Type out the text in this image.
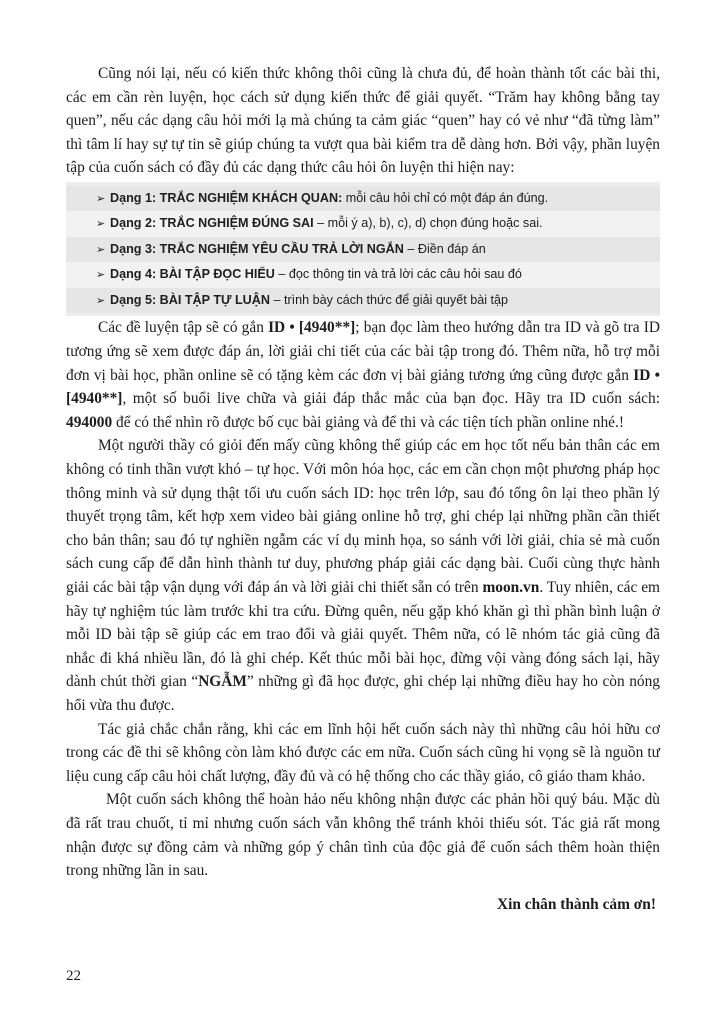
Cũng nói lại, nếu có kiến thức không thôi cũng là chưa đủ, để hoàn thành tốt các bài thi, các em cần rèn luyện, học cách sử dụng kiến thức để giải quyết. “Trăm hay không bằng tay quen”, nếu các dạng câu hỏi mới lạ mà chúng ta cảm giác “quen” hay có vẻ như “đã từng làm” thì tâm lí hay sự tự tin sẽ giúp chúng ta vượt qua bài kiểm tra dễ dàng hơn. Bởi vậy, phần luyện tập của cuốn sách có đầy đủ các dạng thức câu hỏi ôn luyện thi hiện nay:

➢ Dạng 1: TRẮC NGHIỆM KHÁCH QUAN: mỗi câu hỏi chỉ có một đáp án đúng.
➢ Dạng 2: TRẮC NGHIỆM ĐÚNG SAI – mỗi ý a), b), c), d) chọn đúng hoặc sai.
➢ Dạng 3: TRẮC NGHIỆM YÊU CẦU TRẢ LỜI NGẮN – Điền đáp án
➢ Dạng 4: BÀI TẬP ĐỌC HIỂU – đọc thông tin và trả lời các câu hỏi sau đó
➢ Dạng 5: BÀI TẬP TỰ LUẬN – trình bày cách thức để giải quyết bài tập

Các đề luyện tập sẽ có gắn ID • [4940**]; bạn đọc làm theo hướng dẫn tra ID và gõ tra ID tương ứng sẽ xem được đáp án, lời giải chi tiết của các bài tập trong đó. Thêm nữa, hỗ trợ mỗi đơn vị bài học, phần online sẽ có tặng kèm các đơn vị bài giảng tương ứng cũng được gắn ID • [4940**], một số buổi live chữa và giải đáp thắc mắc của bạn đọc. Hãy tra ID cuốn sách: 494000 để có thể nhìn rõ được bố cục bài giảng và để thi và các tiện tích phần online nhé.!

Một người thầy có giỏi đến mấy cũng không thể giúp các em học tốt nếu bản thân các em không có tinh thần vượt khó – tự học. Với môn hóa học, các em cần chọn một phương pháp học thông minh và sử dụng thật tối ưu cuốn sách ID: học trên lớp, sau đó tổng ôn lại theo phần lý thuyết trọng tâm, kết hợp xem video bài giảng online hỗ trợ, ghi chép lại những phần cần thiết cho bản thân; sau đó tự nghiền ngẫm các ví dụ minh họa, so sánh với lời giải, chia sẻ mà cuốn sách cung cấp để dẫn hình thành tư duy, phương pháp giải các dạng bài. Cuối cùng thực hành giải các bài tập vận dụng với đáp án và lời giải chi thiết sẵn có trên moon.vn. Tuy nhiên, các em hãy tự nghiệm túc làm trước khi tra cứu. Đừng quên, nếu gặp khó khăn gì thì phần bình luận ở mỗi ID bài tập sẽ giúp các em trao đổi và giải quyết. Thêm nữa, có lẽ nhóm tác giả cũng đã nhắc đi khá nhiều lần, đó là ghi chép. Kết thúc mỗi bài học, đừng vội vàng đóng sách lại, hãy dành chút thời gian “NGẪM” những gì đã học được, ghi chép lại những điều hay ho còn nóng hổi vừa thu được.

Tác giả chắc chắn rằng, khi các em lĩnh hội hết cuốn sách này thì những câu hỏi hữu cơ trong các đề thi sẽ không còn làm khó được các em nữa. Cuốn sách cũng hi vọng sẽ là nguồn tư liệu cung cấp câu hỏi chất lượng, đầy đủ và có hệ thống cho các thầy giáo, cô giáo tham khảo.

Một cuốn sách không thể hoàn hảo nếu không nhận được các phản hồi quý báu. Mặc dù đã rất trau chuốt, tỉ mỉ nhưng cuốn sách vẫn không thể tránh khỏi thiếu sót. Tác giả rất mong nhận được sự đồng cảm và những góp ý chân tình của độc giả để cuốn sách thêm hoàn thiện trong những lần in sau.

Xin chân thành cảm ơn!
22
